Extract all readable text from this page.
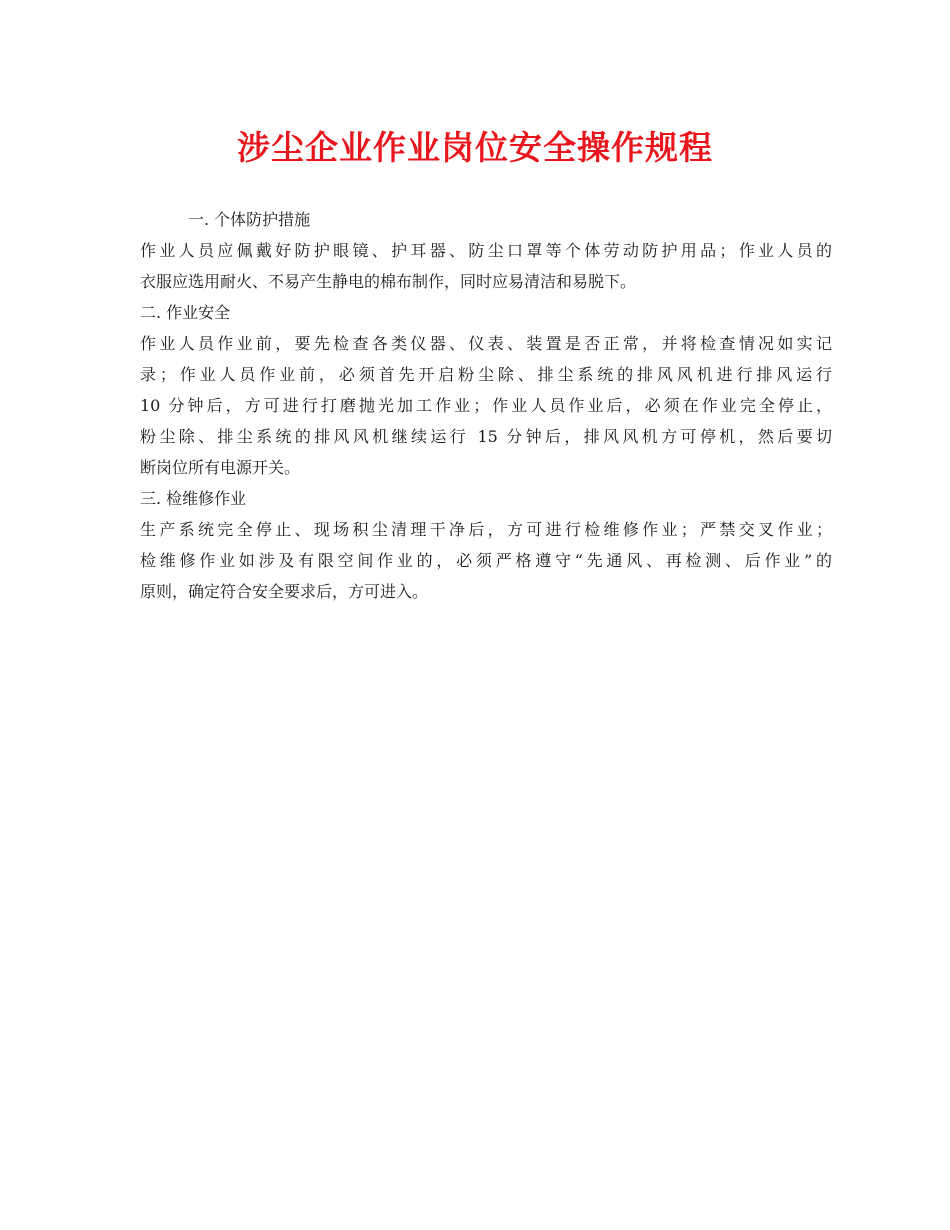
涉尘企业作业岗位安全操作规程
一. 个体防护措施
作业人员应佩戴好防护眼镜、护耳器、防尘口罩等个体劳动防护用品；作业人员的
衣服应选用耐火、不易产生静电的棉布制作，同时应易清洁和易脱下。
二. 作业安全
作业人员作业前，要先检查各类仪器、仪表、装置是否正常，并将检查情况如实记
录；作业人员作业前，必须首先开启粉尘除、排尘系统的排风风机进行排风运行
10 分钟后，方可进行打磨抛光加工作业；作业人员作业后，必须在作业完全停止，
粉尘除、排尘系统的排风风机继续运行 15 分钟后，排风风机方可停机，然后要切
断岗位所有电源开关。
三. 检维修作业
生产系统完全停止、现场积尘清理干净后，方可进行检维修作业；严禁交叉作业；
检维修作业如涉及有限空间作业的，必须严格遵守“先通风、再检测、后作业”的
原则，确定符合安全要求后，方可进入。
